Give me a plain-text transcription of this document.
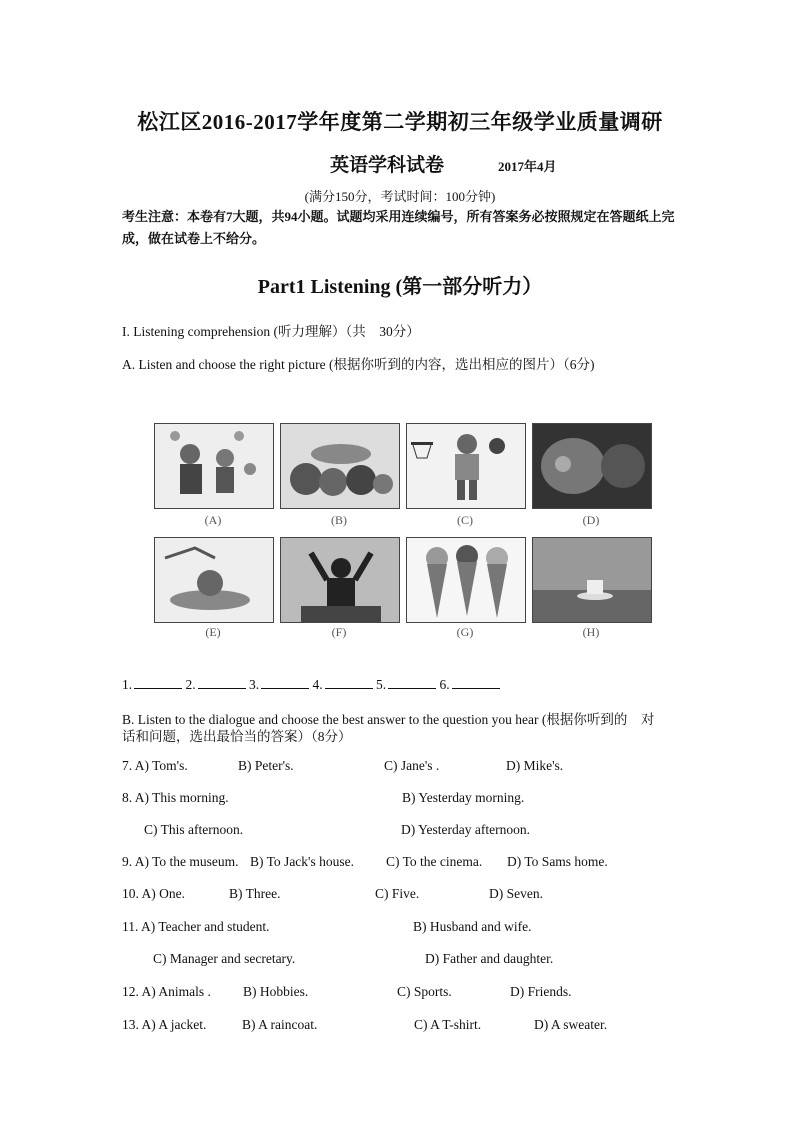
松江区2016-2017学年度第二学期初三年级学业质量调研
英语学科试卷	2017年4月
(满分150分，考试时间：100分钟)
考生注意：本卷有7大题，共94小题。试题均采用连续编号，所有答案务必按照规定在答题纸上完成，做在试卷上不给分。
Part1 Listening (第一部分听力）
I. Listening comprehension (听力理解）（共　30分）
A. Listen and choose the right picture (根据你听到的内容，选出相应的图片）（6分)
(A)	(B)	(C)	(D)
(E)	(F)	(G)	(H)
1.	2.	3.	4.	5.	6.
B. Listen to the dialogue and choose the best answer to the question you hear (根据你听到的　对
话和问题，选出最恰当的答案）（8分）
7. A) Tom's.	B) Peter's.	C) Jane's .	D) Mike's.
8. A) This morning.	B) Yesterday morning.
C) This afternoon.	D) Yesterday afternoon.
9. A) To the museum. B) To Jack's house. C) To the cinema. D) To Sams home.
10. A) One.	B) Three.	C) Five.	D) Seven.
11. A) Teacher and student.	B) Husband and wife.
C) Manager and secretary.	D) Father and daughter.
12. A) Animals . B) Hobbies.	C) Sports.	D) Friends.
13. A) A jacket.	B) A raincoat.	C) A T-shirt.	D) A sweater.
